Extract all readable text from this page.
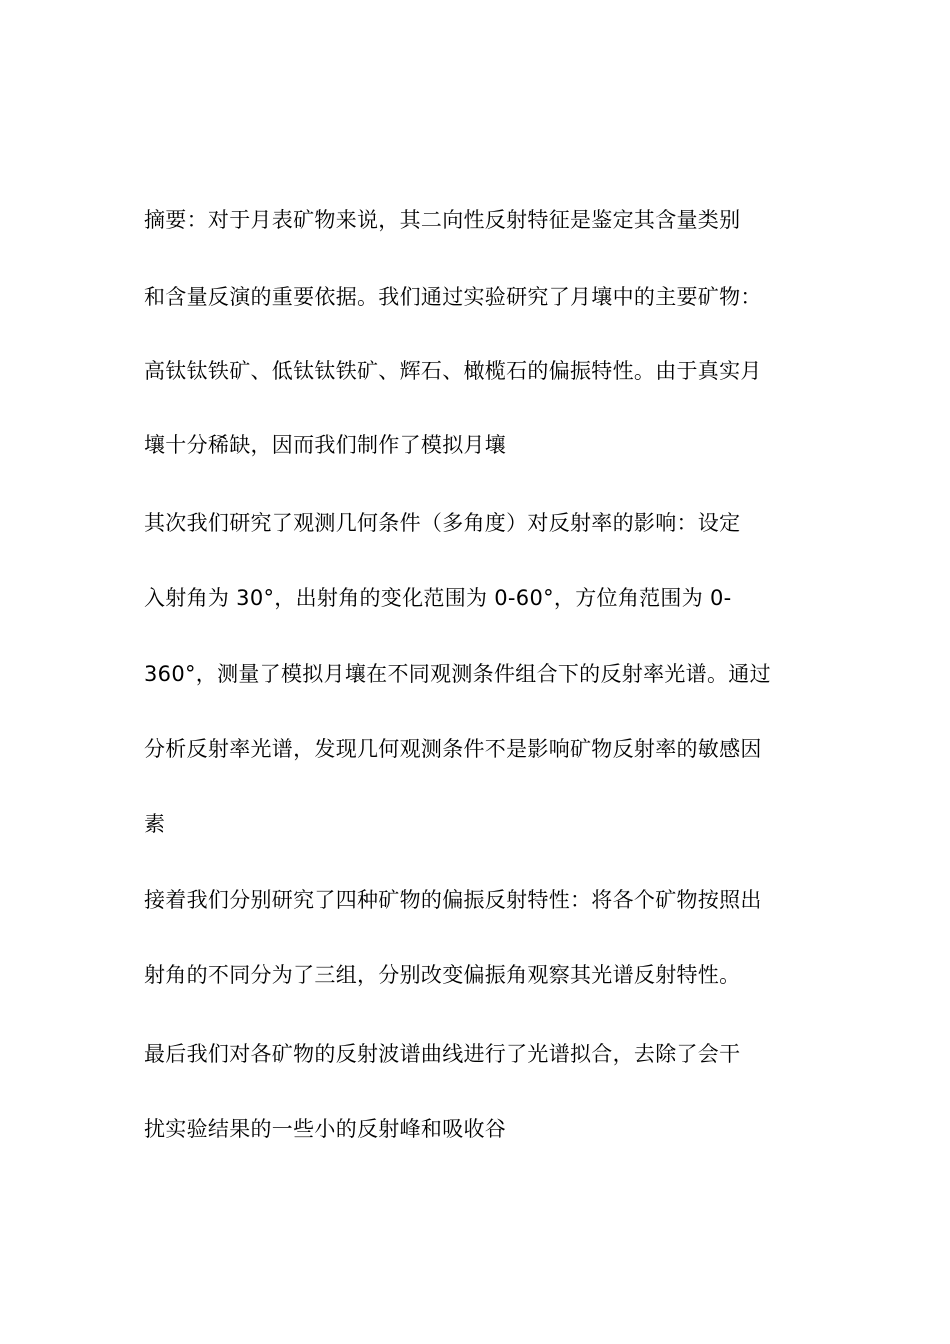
摘要：对于月表矿物来说，其二向性反射特征是鉴定其含量类别
和含量反演的重要依据。我们通过实验研究了月壤中的主要矿物：
高钛钛铁矿、低钛钛铁矿、辉石、橄榄石的偏振特性。由于真实月
壤十分稀缺，因而我们制作了模拟月壤
其次我们研究了观测几何条件（多角度）对反射率的影响：设定
入射角为 30°，出射角的变化范围为 0-60°，方位角范围为 0-
360°，测量了模拟月壤在不同观测条件组合下的反射率光谱。通过
分析反射率光谱，发现几何观测条件不是影响矿物反射率的敏感因
素
接着我们分别研究了四种矿物的偏振反射特性：将各个矿物按照出
射角的不同分为了三组，分别改变偏振角观察其光谱反射特性。
最后我们对各矿物的反射波谱曲线进行了光谱拟合，去除了会干
扰实验结果的一些小的反射峰和吸收谷
